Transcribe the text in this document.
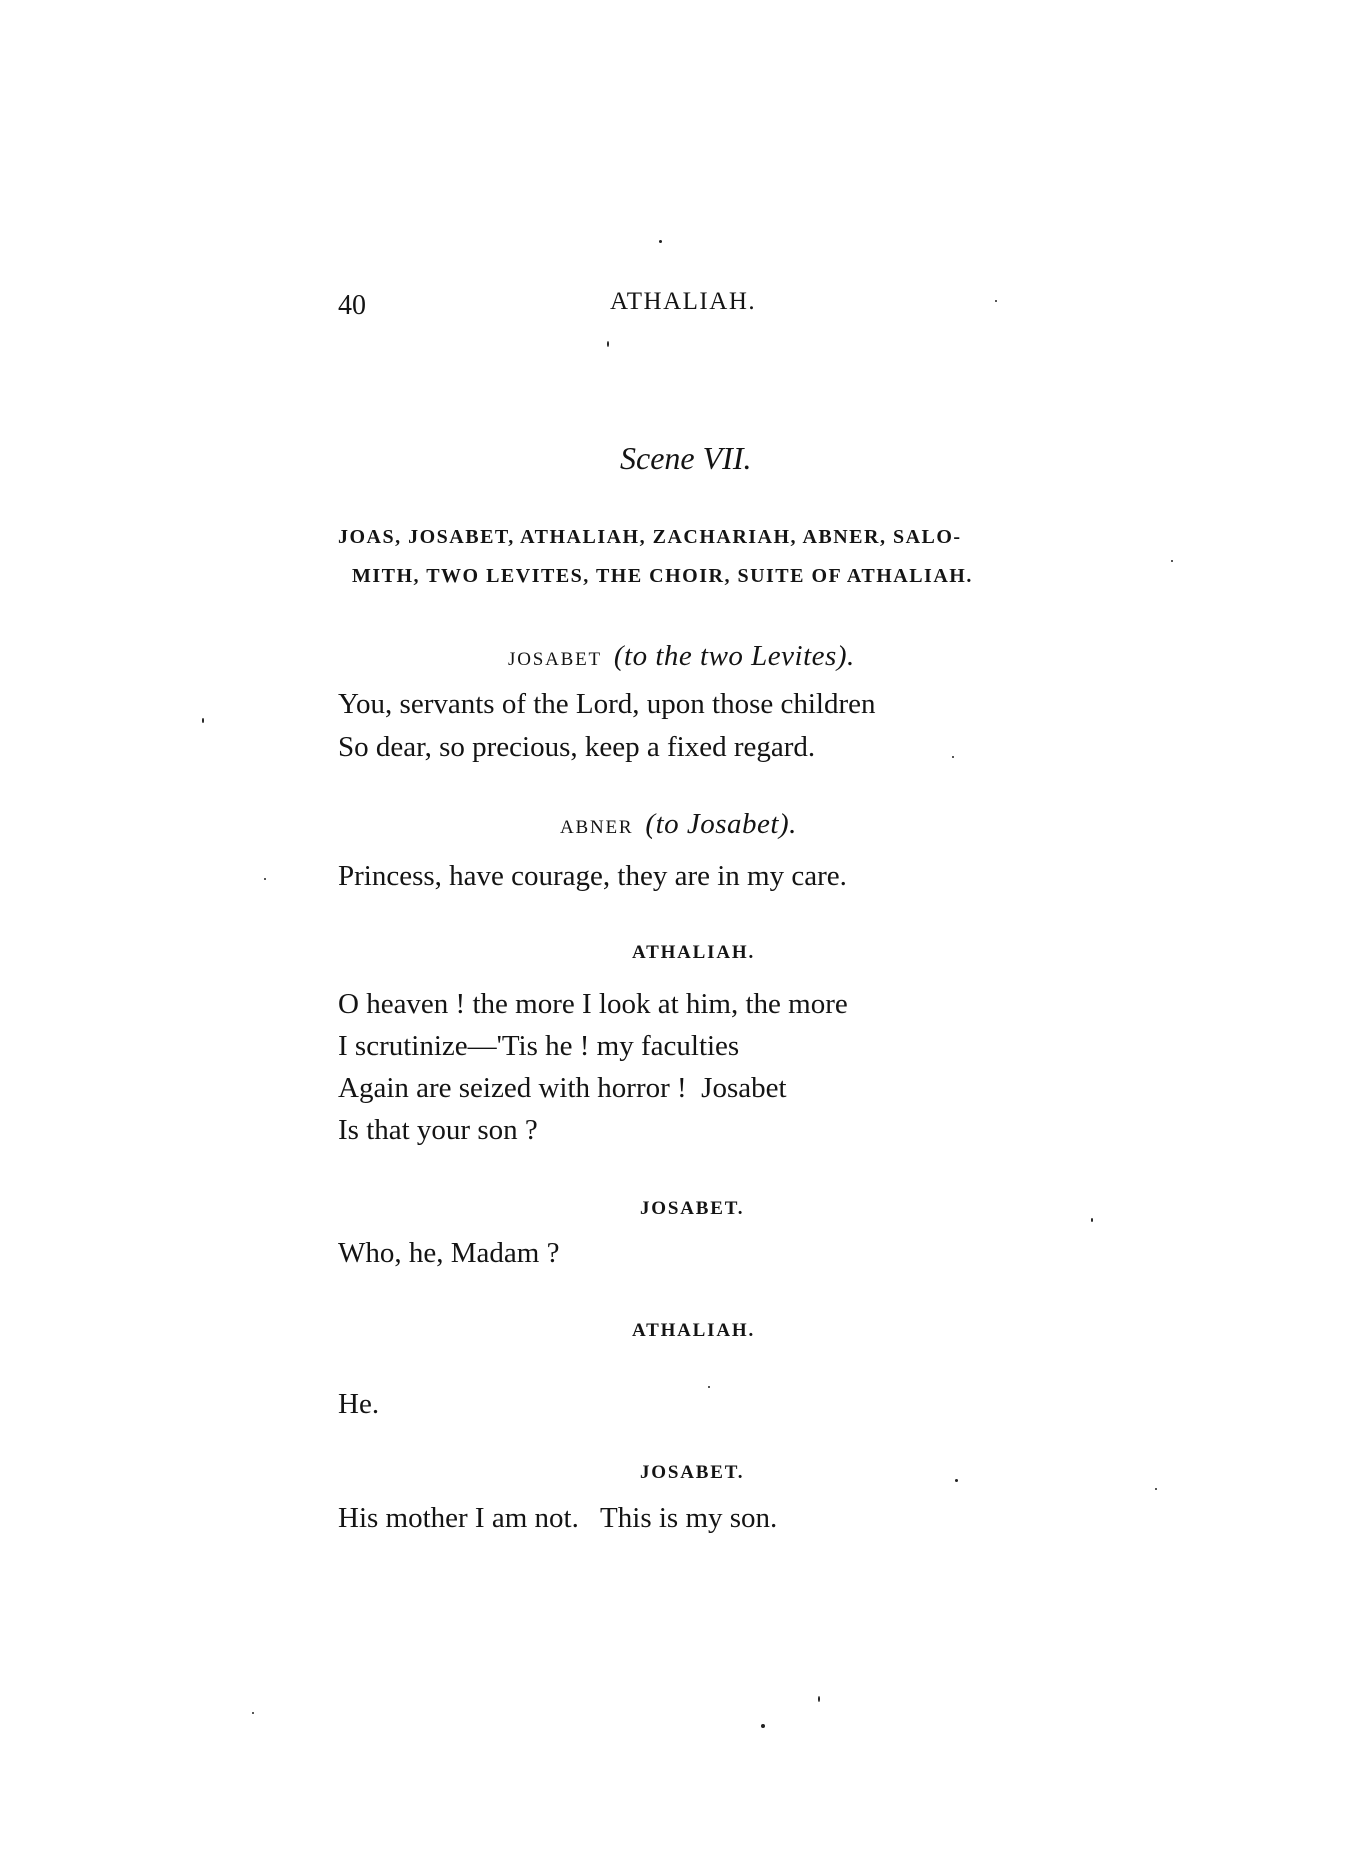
40	ATHALIAH.
Scene VII.
JOAS, JOSABET, ATHALIAH, ZACHARIAH, ABNER, SALO-
MITH, TWO LEVITES, THE CHOIR, SUITE OF ATHALIAH.
JOSABET (to the two Levites).
You, servants of the Lord, upon those children
So dear, so precious, keep a fixed regard.
ABNER (to Josabet).
Princess, have courage, they are in my care.
ATHALIAH.
O heaven ! the more I look at him, the more
I scrutinize—'Tis he ! my faculties
Again are seized with horror !  Josabet
Is that your son ?
JOSABET.
Who, he, Madam ?
ATHALIAH.
He.
JOSABET.
His mother I am not.   This is my son.
